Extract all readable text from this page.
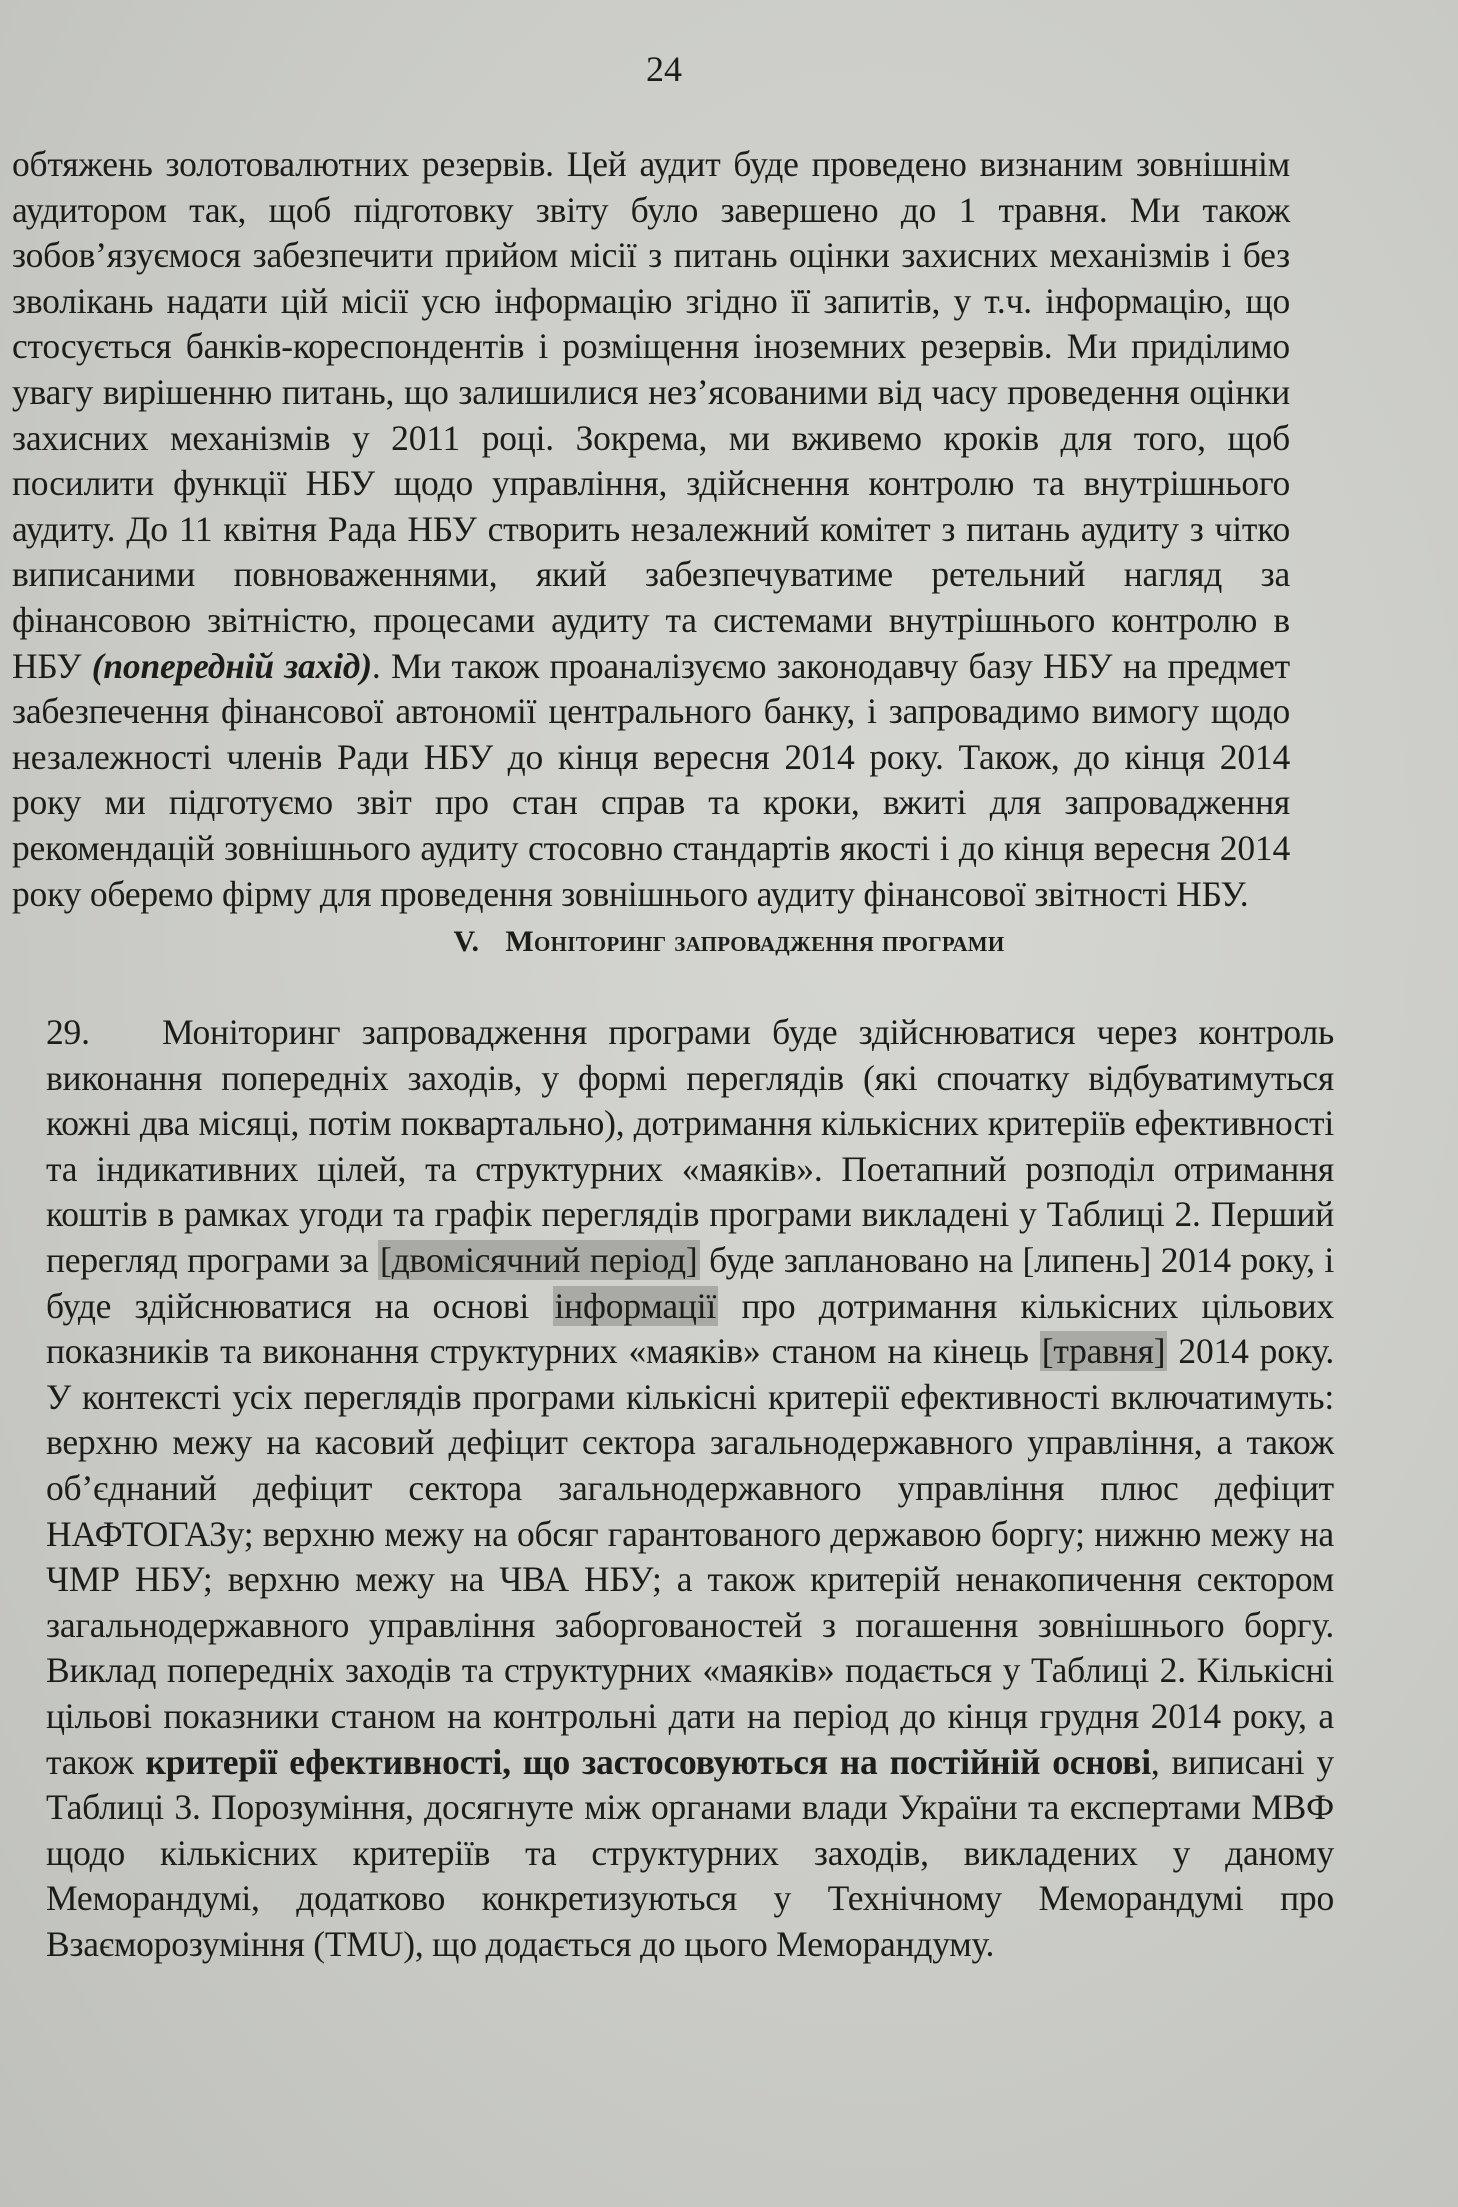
24

обтяжень золотовалютних резервів. Цей аудит буде проведено визнаним зовнішнім аудитором так, щоб підготовку звіту було завершено до 1 травня. Ми також зобов’язуємося забезпечити прийом місії з питань оцінки захисних механізмів і без зволікань надати цій місії усю інформацію згідно її запитів, у т.ч. інформацію, що стосується банків-кореспондентів і розміщення іноземних резервів. Ми приділимо увагу вирішенню питань, що залишилися нез’ясованими від часу проведення оцінки захисних механізмів у 2011 році. Зокрема, ми вживемо кроків для того, щоб посилити функції НБУ щодо управління, здійснення контролю та внутрішнього аудиту. До 11 квітня Рада НБУ створить незалежний комітет з питань аудиту з чітко виписаними повноваженнями, який забезпечуватиме ретельний нагляд за фінансовою звітністю, процесами аудиту та системами внутрішнього контролю в НБУ (попередній захід). Ми також проаналізуємо законодавчу базу НБУ на предмет забезпечення фінансової автономії центрального банку, і запровадимо вимогу щодо незалежності членів Ради НБУ до кінця вересня 2014 року. Також, до кінця 2014 року ми підготуємо звіт про стан справ та кроки, вжиті для запровадження рекомендацій зовнішнього аудиту стосовно стандартів якості і до кінця вересня 2014 року оберемо фірму для проведення зовнішнього аудиту фінансової звітності НБУ.

V. Моніторинг запровадження програми

29. Моніторинг запровадження програми буде здійснюватися через контроль виконання попередніх заходів, у формі переглядів (які спочатку відбуватимуться кожні два місяці, потім поквартально), дотримання кількісних критеріїв ефективності та індикативних цілей, та структурних «маяків». Поетапний розподіл отримання коштів в рамках угоди та графік переглядів програми викладені у Таблиці 2. Перший перегляд програми за [двомісячний період] буде заплановано на [липень] 2014 року, і буде здійснюватися на основі інформації про дотримання кількісних цільових показників та виконання структурних «маяків» станом на кінець [травня] 2014 року. У контексті усіх переглядів програми кількісні критерії ефективності включатимуть: верхню межу на касовий дефіцит сектора загальнодержавного управління, а також об’єднаний дефіцит сектора загальнодержавного управління плюс дефіцит НАФТОГАЗу; верхню межу на обсяг гарантованого державою боргу; нижню межу на ЧМР НБУ; верхню межу на ЧВА НБУ; а також критерій ненакопичення сектором загальнодержавного управління заборгованостей з погашення зовнішнього боргу. Виклад попередніх заходів та структурних «маяків» подається у Таблиці 2. Кількісні цільові показники станом на контрольні дати на період до кінця грудня 2014 року, а також критерії ефективності, що застосовуються на постійній основі, виписані у Таблиці 3. Порозуміння, досягнуте між органами влади України та експертами МВФ щодо кількісних критеріїв та структурних заходів, викладених у даному Меморандумі, додатково конкретизуються у Технічному Меморандумі про Взаєморозуміння (TMU), що додається до цього Меморандуму.
